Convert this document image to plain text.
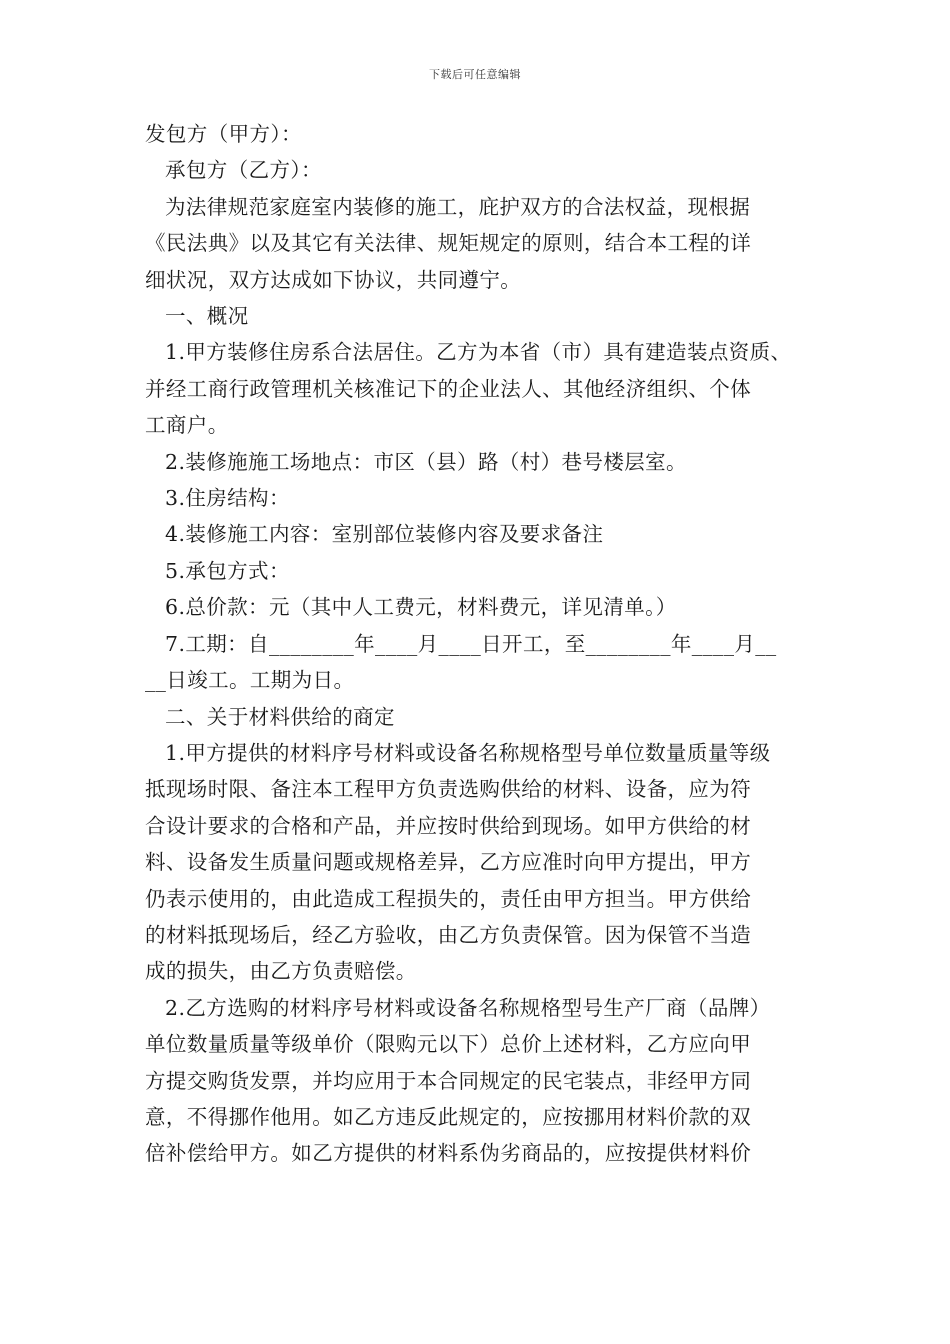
下载后可任意编辑
发包方（甲方）：
承包方（乙方）：
为法律规范家庭室内装修的施工，庇护双方的合法权益，现根据
《民法典》以及其它有关法律、规矩规定的原则，结合本工程的详
细状况，双方达成如下协议，共同遵宁。
一、概况
1.甲方装修住房系合法居住。乙方为本省（市）具有建造装点资质、
并经工商行政管理机关核准记下的企业法人、其他经济组织、个体
工商户。
2.装修施施工场地点：市区（县）路（村）巷号楼层室。
3.住房结构：
4.装修施工内容：室别部位装修内容及要求备注
5.承包方式：
6.总价款：元（其中人工费元，材料费元，详见清单。）
7.工期：自________年____月____日开工，至________年____月__
__日竣工。工期为日。
二、关于材料供给的商定
1.甲方提供的材料序号材料或设备名称规格型号单位数量质量等级
抵现场时限、备注本工程甲方负责选购供给的材料、设备，应为符
合设计要求的合格和产品，并应按时供给到现场。如甲方供给的材
料、设备发生质量问题或规格差异，乙方应准时向甲方提出，甲方
仍表示使用的，由此造成工程损失的，责任由甲方担当。甲方供给
的材料抵现场后，经乙方验收，由乙方负责保管。因为保管不当造
成的损失，由乙方负责赔偿。
2.乙方选购的材料序号材料或设备名称规格型号生产厂商（品牌）
单位数量质量等级单价（限购元以下）总价上述材料，乙方应向甲
方提交购货发票，并均应用于本合同规定的民宅装点，非经甲方同
意，不得挪作他用。如乙方违反此规定的，应按挪用材料价款的双
倍补偿给甲方。如乙方提供的材料系伪劣商品的，应按提供材料价
